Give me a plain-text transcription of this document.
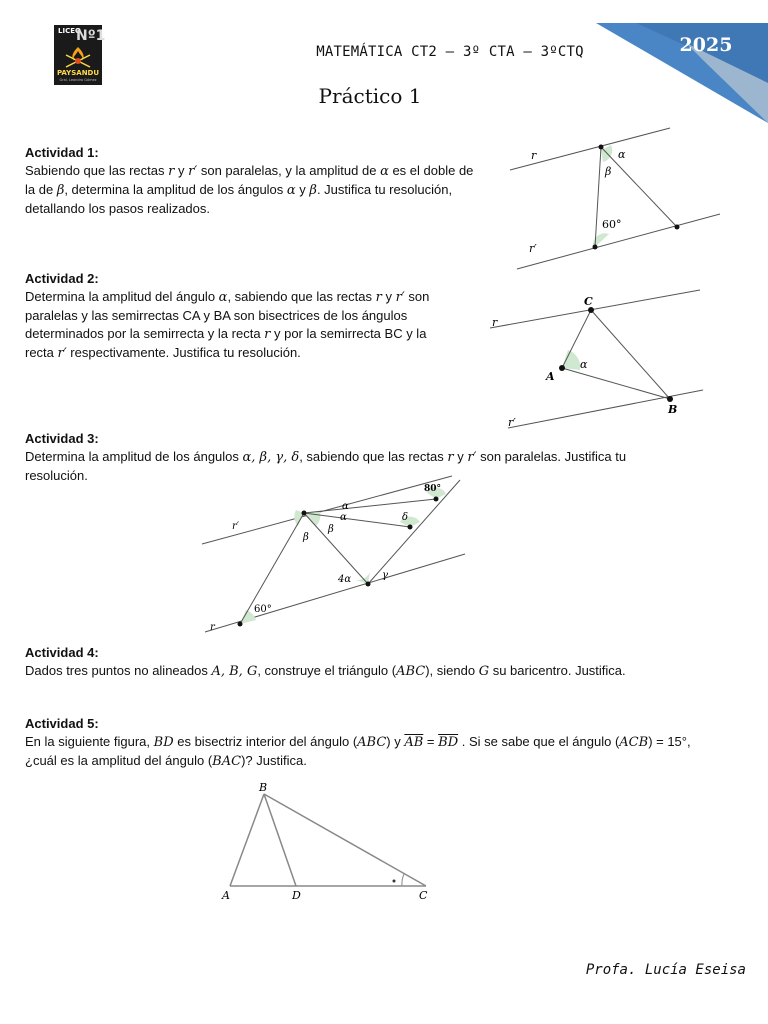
LICEO
Nº1
PAYSANDU
Gral. Leandro Gómez
2025
MATEMÁTICA CT2 – 3º CTA – 3ºCTQ
Práctico 1
Actividad 1:
Sabiendo que las rectas r y r′ son paralelas, y la amplitud de α es el doble de
la de β, determina la amplitud de los ángulos α y β. Justifica tu resolución,
detallando los pasos realizados.
r
r′
α
β
60°
Actividad 2:
Determina la amplitud del ángulo α, sabiendo que las rectas r y r′ son
paralelas y las semirrectas CA y BA son bisectrices de los ángulos
determinados por la semirrecta y la recta r y por la semirrecta BC y la
recta r′ respectivamente. Justifica tu resolución.
r
r′
C
A
B
α
Actividad 3:
Determina la amplitud de los ángulos α, β, γ, δ, sabiendo que las rectas r y r′ son paralelas. Justifica tu
resolución.
r′
r
80°
α
α	δ
β
β
4α	γ
60°
Actividad 4:
Dados tres puntos no alineados A, B, G, construye el triángulo (ABC), siendo G su baricentro. Justifica.
Actividad 5:
En la siguiente figura, BD es bisectriz interior del ángulo (ABC) y $\overline{AB} = \overline{BD}$ . Si se sabe que el ángulo (ACB) = 15°,
¿cuál es la amplitud del ángulo (BAC)? Justifica.
A
B
C
D
Profa. Lucía Eseisa
